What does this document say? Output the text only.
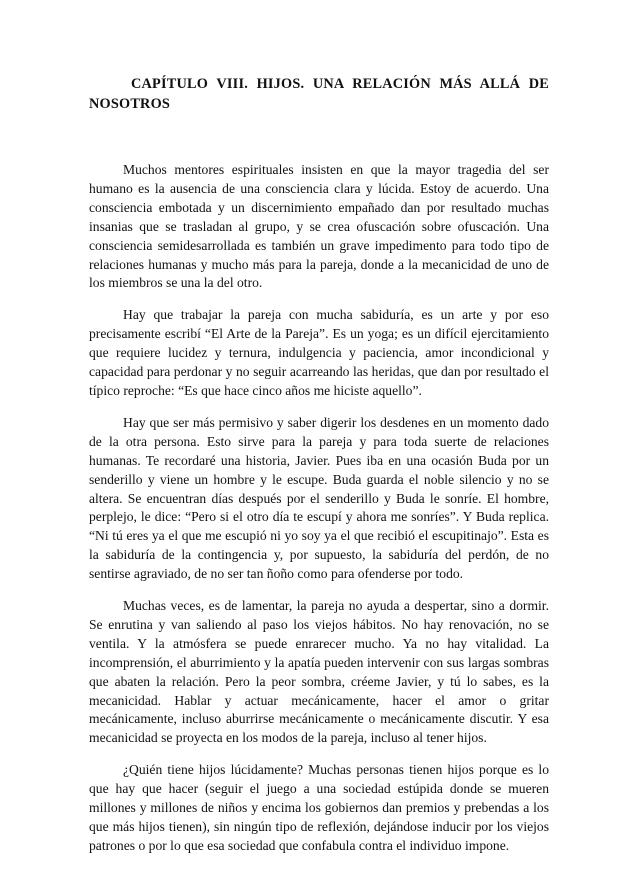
CAPÍTULO VIII. HIJOS. UNA RELACIÓN MÁS ALLÁ DE NOSOTROS

Muchos mentores espirituales insisten en que la mayor tragedia del ser humano es la ausencia de una consciencia clara y lúcida. Estoy de acuerdo. Una consciencia embotada y un discernimiento empañado dan por resultado muchas insanias que se trasladan al grupo, y se crea ofuscación sobre ofuscación. Una consciencia semidesarrollada es también un grave impedimento para todo tipo de relaciones humanas y mucho más para la pareja, donde a la mecanicidad de uno de los miembros se una la del otro.

Hay que trabajar la pareja con mucha sabiduría, es un arte y por eso precisamente escribí “El Arte de la Pareja”. Es un yoga; es un difícil ejercitamiento que requiere lucidez y ternura, indulgencia y paciencia, amor incondicional y capacidad para perdonar y no seguir acarreando las heridas, que dan por resultado el típico reproche: “Es que hace cinco años me hiciste aquello”.

Hay que ser más permisivo y saber digerir los desdenes en un momento dado de la otra persona. Esto sirve para la pareja y para toda suerte de relaciones humanas. Te recordaré una historia, Javier. Pues iba en una ocasión Buda por un senderillo y viene un hombre y le escupe. Buda guarda el noble silencio y no se altera. Se encuentran días después por el senderillo y Buda le sonríe. El hombre, perplejo, le dice: “Pero si el otro día te escupí y ahora me sonríes”. Y Buda replica. “Ni tú eres ya el que me escupió ni yo soy ya el que recibió el escupitinajo”. Esta es la sabiduría de la contingencia y, por supuesto, la sabiduría del perdón, de no sentirse agraviado, de no ser tan ñoño como para ofenderse por todo.

Muchas veces, es de lamentar, la pareja no ayuda a despertar, sino a dormir. Se enrutina y van saliendo al paso los viejos hábitos. No hay renovación, no se ventila. Y la atmósfera se puede enrarecer mucho. Ya no hay vitalidad. La incomprensión, el aburrimiento y la apatía pueden intervenir con sus largas sombras que abaten la relación. Pero la peor sombra, créeme Javier, y tú lo sabes, es la mecanicidad. Hablar y actuar mecánicamente, hacer el amor o gritar mecánicamente, incluso aburrirse mecánicamente o mecánicamente discutir. Y esa mecanicidad se proyecta en los modos de la pareja, incluso al tener hijos.

¿Quién tiene hijos lúcidamente? Muchas personas tienen hijos porque es lo que hay que hacer (seguir el juego a una sociedad estúpida donde se mueren millones y millones de niños y encima los gobiernos dan premios y prebendas a los que más hijos tienen), sin ningún tipo de reflexión, dejándose inducir por los viejos patrones o por lo que esa sociedad que confabula contra el individuo impone.
